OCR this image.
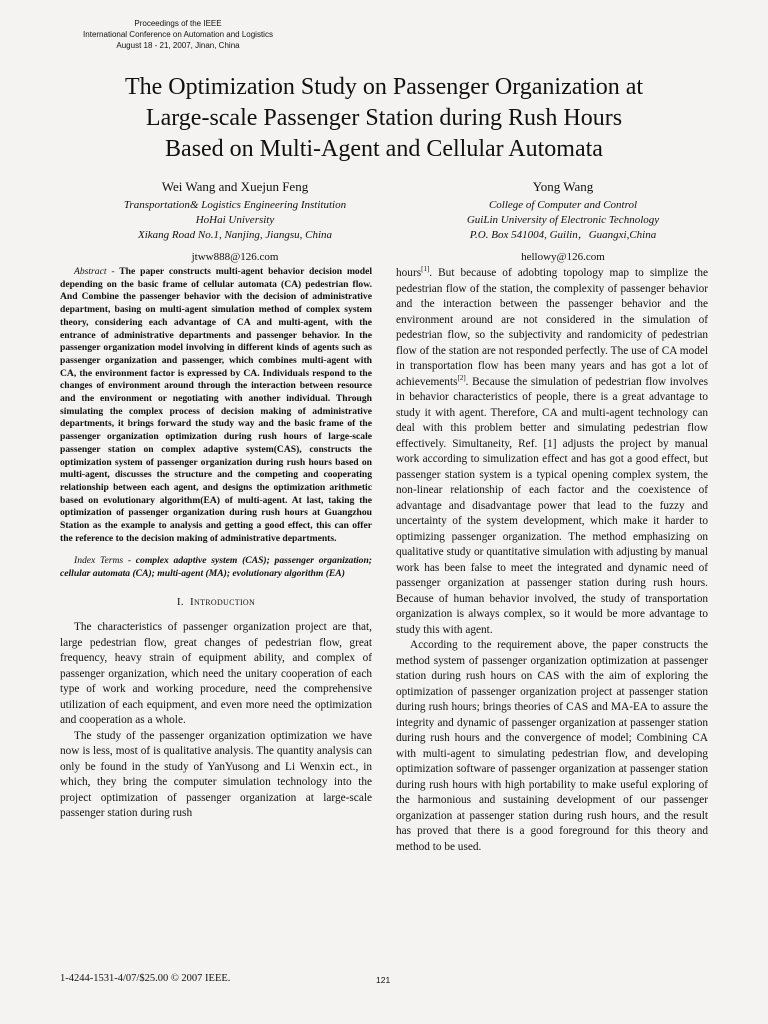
Proceedings of the IEEE
International Conference on Automation and Logistics
August 18 - 21, 2007, Jinan, China
The Optimization Study on Passenger Organization at
Large-scale Passenger Station during Rush Hours
Based on Multi-Agent and Cellular Automata
Wei Wang and Xuejun Feng
Transportation& Logistics Engineering Institution
HoHai University
Xikang Road No.1, Nanjing, Jiangsu, China
jtww888@126.com
Yong Wang
College of Computer and Control
GuiLin University of Electronic Technology
P.O. Box 541004, Guilin，Guangxi,China
hellowy@126.com

Abstract - The paper constructs multi-agent behavior decision model depending on the basic frame of cellular automata (CA) pedestrian flow. And Combine the passenger behavior with the decision of administrative department, basing on multi-agent simulation method of complex system theory, considering each advantage of CA and multi-agent, with the entrance of administrative departments and passenger behavior. In the passenger organization model involving in different kinds of agents such as passenger organization and passenger, which combines multi-agent with CA, the environment factor is expressed by CA. Individuals respond to the changes of environment around through the interaction between resource and the environment or negotiating with another individual. Through simulating the complex process of decision making of administrative departments, it brings forward the study way and the basic frame of the passenger organization optimization during rush hours of large-scale passenger station on complex adaptive system(CAS), constructs the optimization system of passenger organization during rush hours based on multi-agent, discusses the structure and the competing and cooperating relationship between each agent, and designs the optimization arithmetic based on evolutionary algorithm(EA) of multi-agent. At last, taking the optimization of passenger organization during rush hours at Guangzhou Station as the example to analysis and getting a good effect, this can offer the reference to the decision making of administrative departments.

Index Terms - complex adaptive system (CAS); passenger organization; cellular automata (CA); multi-agent (MA); evolutionary algorithm (EA)

I. Introduction

The characteristics of passenger organization project are that, large pedestrian flow, great changes of pedestrian flow, great frequency, heavy strain of equipment ability, and complex of passenger organization, which need the unitary cooperation of each type of work and working procedure, need the comprehensive utilization of each equipment, and even more need the optimization and cooperation as a whole.

The study of the passenger organization optimization we have now is less, most of is qualitative analysis. The quantity analysis can only be found in the study of YanYusong and Li Wenxin ect., in which, they bring the computer simulation technology into the project optimization of passenger organization at large-scale passenger station during rush

hours[1]. But because of adobting topology map to simplize the pedestrian flow of the station, the complexity of passenger behavior and the interaction between the passenger behavior and the environment around are not considered in the simulation of pedestrian flow, so the subjectivity and randomicity of pedestrian flow of the station are not responded perfectly. The use of CA model in transportation flow has been many years and has got a lot of achievements[2]. Because the simulation of pedestrian flow involves in behavior characteristics of people, there is a great advantage to study it with agent. Therefore, CA and multi-agent technology can deal with this problem better and simulating pedestrian flow effectively. Simultaneity, Ref. [1] adjusts the project by manual work according to simulization effect and has got a good effect, but passenger station system is a typical opening complex system, the non-linear relationship of each factor and the coexistence of advantage and disadvantage power that lead to the fuzzy and uncertainty of the system development, which make it harder to optimizing passenger organization. The method emphasizing on qualitative study or quantitative simulation with adjusting by manual work has been false to meet the integrated and dynamic need of passenger organization at passenger station during rush hours. Because of human behavior involved, the study of transportation organization is always complex, so it would be more advantage to study this with agent.

According to the requirement above, the paper constructs the method system of passenger organization optimization at passenger station during rush hours on CAS with the aim of exploring the optimization of passenger organization project at passenger station during rush hours; brings theories of CAS and MA-EA to assure the integrity and dynamic of passenger organization at passenger station during rush hours and the convergence of model; Combining CA with multi-agent to simulating pedestrian flow, and developing optimization software of passenger organization at passenger station during rush hours with high portability to make useful exploring of the harmonious and sustaining development of our passenger organization at passenger station during rush hours, and the result has proved that there is a good foreground for this theory and method to be used.

1-4244-1531-4/07/$25.00 © 2007 IEEE.	121
